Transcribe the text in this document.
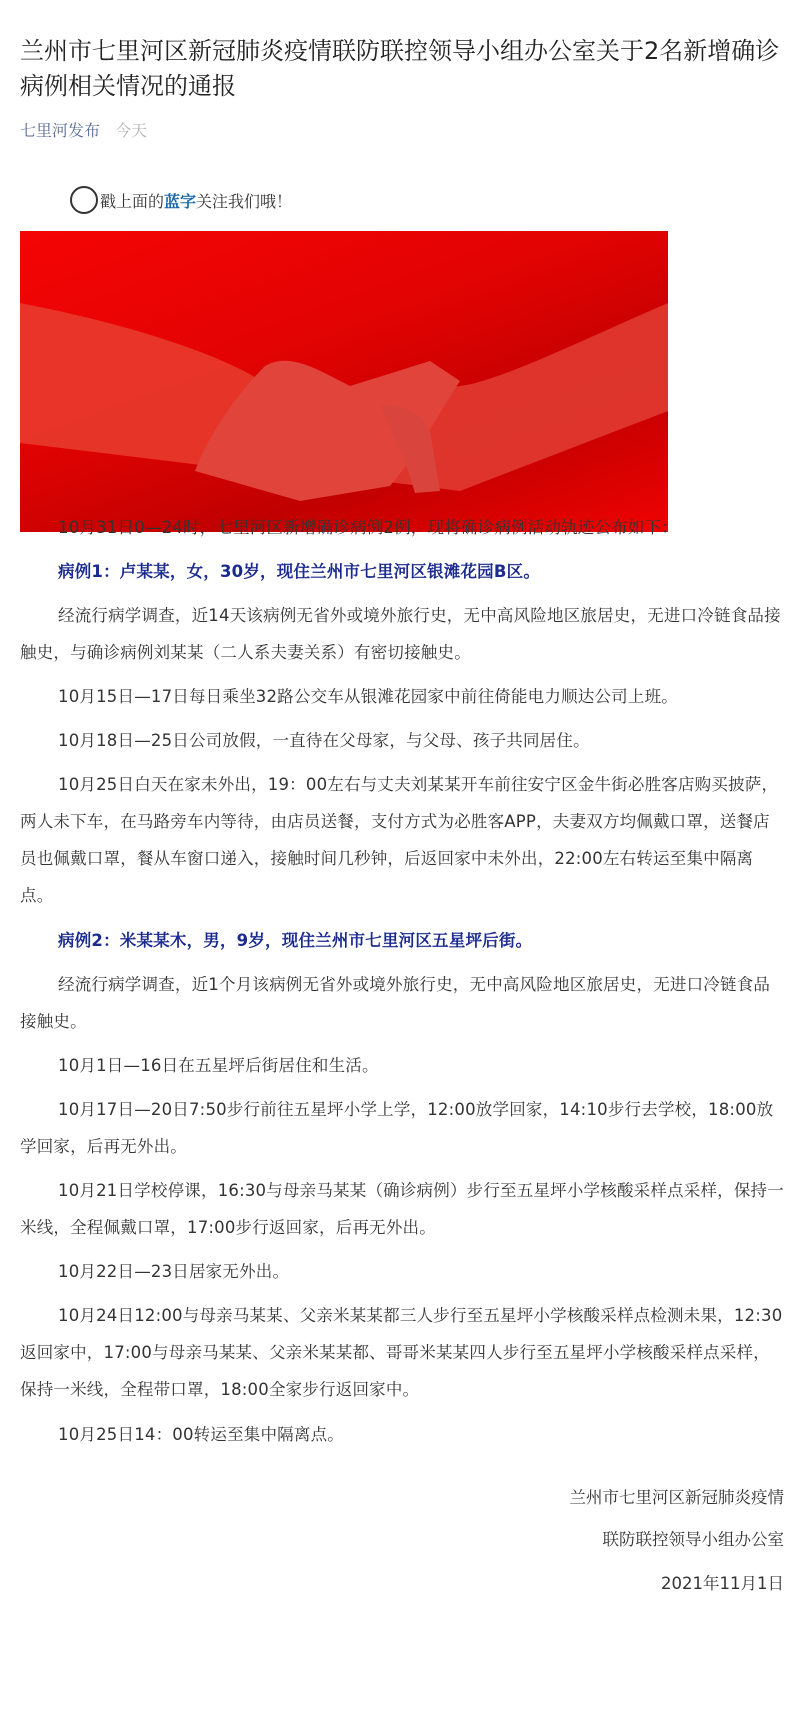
兰州市七里河区新冠肺炎疫情联防联控领导小组办公室关于2名新增确诊病例相关情况的通报
七里河发布 今天
戳上面的 蓝字 关注我们哦！

10月31日0—24时，七里河区新增确诊病例2例，现将确诊病例活动轨迹公布如下：

病例1：卢某某，女，30岁，现住兰州市七里河区银滩花园B区。

经流行病学调查，近14天该病例无省外或境外旅行史，无中高风险地区旅居史，无进口冷链食品接触史，与确诊病例刘某某（二人系夫妻关系）有密切接触史。

10月15日—17日每日乘坐32路公交车从银滩花园家中前往倚能电力顺达公司上班。

10月18日—25日公司放假，一直待在父母家，与父母、孩子共同居住。

10月25日白天在家未外出，19：00左右与丈夫刘某某开车前往安宁区金牛街必胜客店购买披萨，两人未下车，在马路旁车内等待，由店员送餐，支付方式为必胜客APP，夫妻双方均佩戴口罩，送餐店员也佩戴口罩，餐从车窗口递入，接触时间几秒钟，后返回家中未外出，22:00左右转运至集中隔离点。

病例2：米某某木，男，9岁，现住兰州市七里河区五星坪后街。

经流行病学调查，近1个月该病例无省外或境外旅行史，无中高风险地区旅居史，无进口冷链食品接触史。

10月1日—16日在五星坪后街居住和生活。

10月17日—20日7:50步行前往五星坪小学上学，12:00放学回家，14:10步行去学校，18:00放学回家，后再无外出。

10月21日学校停课，16:30与母亲马某某（确诊病例）步行至五星坪小学核酸采样点采样，保持一米线，全程佩戴口罩，17:00步行返回家，后再无外出。

10月22日—23日居家无外出。

10月24日12:00与母亲马某某、父亲米某某都三人步行至五星坪小学核酸采样点检测未果，12:30返回家中，17:00与母亲马某某、父亲米某某都、哥哥米某某四人步行至五星坪小学核酸采样点采样，保持一米线，全程带口罩，18:00全家步行返回家中。

10月25日14：00转运至集中隔离点。

兰州市七里河区新冠肺炎疫情
联防联控领导小组办公室
2021年11月1日
